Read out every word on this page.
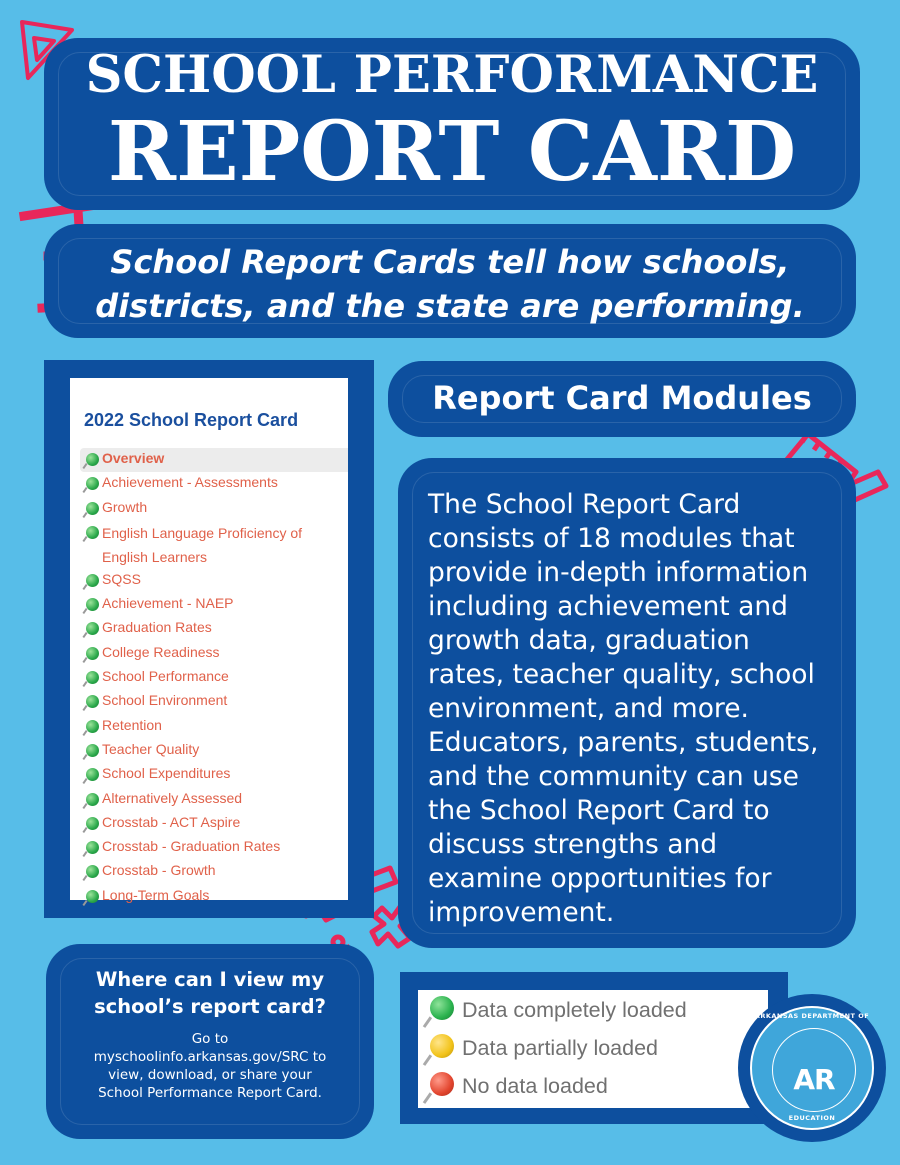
SCHOOL PERFORMANCE
REPORT CARD
School Report Cards tell how schools,
districts, and the state are performing.
2022 School Report Card
Overview
Achievement - Assessments
Growth
English Language Proficiency of English Learners
SQSS
Achievement - NAEP
Graduation Rates
College Readiness
School Performance
School Environment
Retention
Teacher Quality
School Expenditures
Alternatively Assessed
Crosstab - ACT Aspire
Crosstab - Graduation Rates
Crosstab - Growth
Long-Term Goals
Report Card Modules
The School Report Card consists of 18 modules that provide in-depth information including achievement and growth data, graduation rates, teacher quality, school environment, and more. Educators, parents, students, and the community can use the School Report Card to discuss strengths and examine opportunities for improvement.
Where can I view my school’s report card?
Go to myschoolinfo.arkansas.gov/SRC to view, download, or share your School Performance Report Card.
Data completely loaded
Data partially loaded
No data loaded
ARKANSAS DEPARTMENT OF
AR
EDUCATION
